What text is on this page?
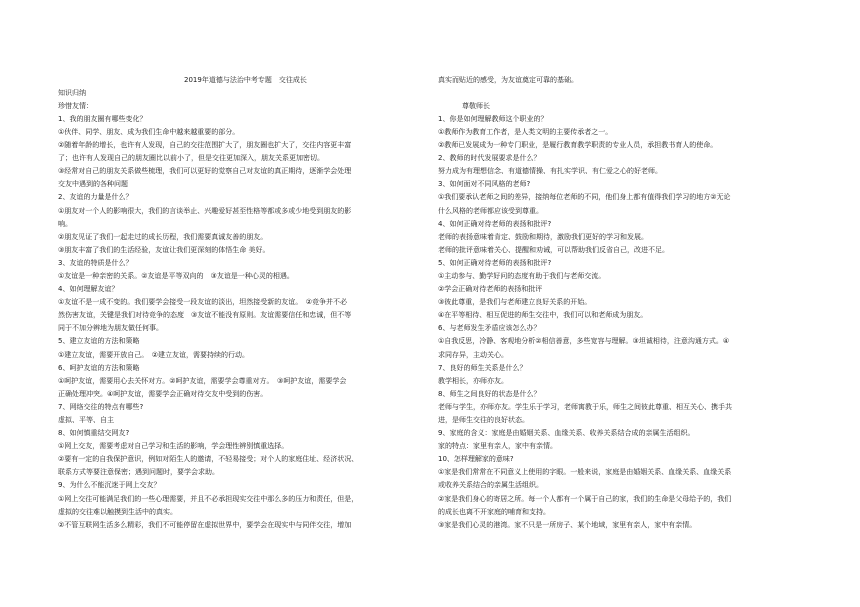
2019年道德与法治中考专题　交往成长
知识归纳
珍惜友情：
1、我的朋友圈有哪些变化？
①伙伴、同学、朋友、成为我们生命中越来越重要的部分。
②随着年龄的增长，也许有人发现，自己的交往范围扩大了，朋友圈也扩大了，交往内容更丰富
了；也许有人发现自己的朋友圈比以前小了，但是交往更加深入，朋友关系更加密切。
③经常对自己的朋友关系做些梳理，我们可以更好的觉察自己对友谊的真正期待，逐渐学会处理
交友中遇到的各种问题
2、友谊的力量是什么？
①朋友对一个人的影响很大，我们的言谈举止、兴趣爱好甚至性格等都或多或少地受到朋友的影
响。
②朋友见证了我们一起走过的成长历程，我们需要真诚友善的朋友。
③朋友丰富了我们的生活经验，友谊让我们更深刻的体悟生命 美好。
3、友谊的特质是什么？
①友谊是一种亲密的关系。②友谊是平等双向的　③友谊是一种心灵的相遇。
4、如何理解友谊？
①友谊不是一成不变的。我们要学会接受一段友谊的淡出，坦然接受新的友谊。　②竞争并不必
然伤害友谊，关键是我们对待竞争的态度　③友谊不能没有原则。友谊需要信任和忠诚，但不等
同于不加分辨地为朋友做任何事。
5、建立友谊的方法和策略
①建立友谊，需要开放自己。　②建立友谊，需要持续的行动。
6、呵护友谊的方法和策略
①呵护友谊，需要用心去关怀对方。②呵护友谊，需要学会尊重对方。　③呵护友谊，需要学会
正确处理冲突。④呵护友谊，需要学会正确对待交友中受到的伤害。
7、网络交往的特点有哪些?
虚拟、平等、自主
8、如何慎重结交网友?
①网上交友，需要考虑对自己学习和生活的影响，学会理性辨别慎重选择。
②要有一定的自我保护意识，例如对陌生人的邀请，不轻易接受；对个人的家庭住址、经济状况、
联系方式等要注意保密；遇到问题时，要学会求助。
9、为什么不能沉迷于网上交友？
①网上交往可能满足我们的一些心理需要，并且不必承担现实交往中那么多的压力和责任，但是，
虚拟的交往难以触摸到生活中的真实。
②不管互联网生活多么精彩，我们不可能停留在虚拟世界中，要学会在现实中与同伴交往，增加
真实而贴近的感受，为友谊奠定可靠的基础。
尊敬师长
1、你是如何理解教师这个职业的？
①教师作为教育工作者，是人类文明的主要传承者之一。
②教师已发展成为一种专门职业，是履行教育教学职责的专业人员，承担教书育人的使命。
2、教师的时代发展要求是什么？
努力成为有理想信念、有道德情操、有扎实学识、有仁爱之心的好老师。
3、如何面对不同风格的老师?
①我们要承认老师之间的差异，接纳每位老师的不同，他们身上都有值得我们学习的地方②无论
什么风格的老师都应该受到尊重。
4、如何正确对待老师的表扬和批评?
老师的表扬意味着肯定、鼓励和期待，激励我们更好的学习和发展。
老师的批评意味着关心、提醒和劝诫，可以帮助我们反省自己，改进不足。
5、如何正确对待老师的表扬和批评?
①主动参与、勤学好问的态度有助于我们与老师交流。
②学会正确对待老师的表扬和批评
③彼此尊重，是我们与老师建立良好关系的开始。
④在平等相待、相互促进的师生交往中，我们可以和老师成为朋友。
6、与老师发生矛盾应该怎么办？
①自我反思，冷静、客观地分析②相信善意，多些宽容与理解。③坦诚相待，注意沟通方式。④
求同存异，主动关心。
7、良好的师生关系是什么？
教学相长，亦师亦友。
8、师生之间良好的状态是什么？
老师与学生，亦师亦友。学生乐于学习，老师寓教于乐，师生之间彼此尊重、相互关心、携手共
进，是师生交往的良好状态。
9、家庭的含义：家庭是由婚姻关系、血缘关系、收养关系结合成的亲属生活组织。
家的特点：家里有亲人，家中有亲情。
10、怎样理解家的意味?
①家是我们常常在不同意义上使用的字眼。一般来说，家庭是由婚姻关系、血缘关系、血缘关系
或收养关系结合的亲属生活组织。
②家是我们身心的寄居之所。每一个人都有一个属于自己的家，我们的生命是父母给予的，我们
的成长也离不开家庭的哺育和支持。
③家是我们心灵的港湾。家不只是一所房子、某个地域，家里有亲人，家中有亲情。
